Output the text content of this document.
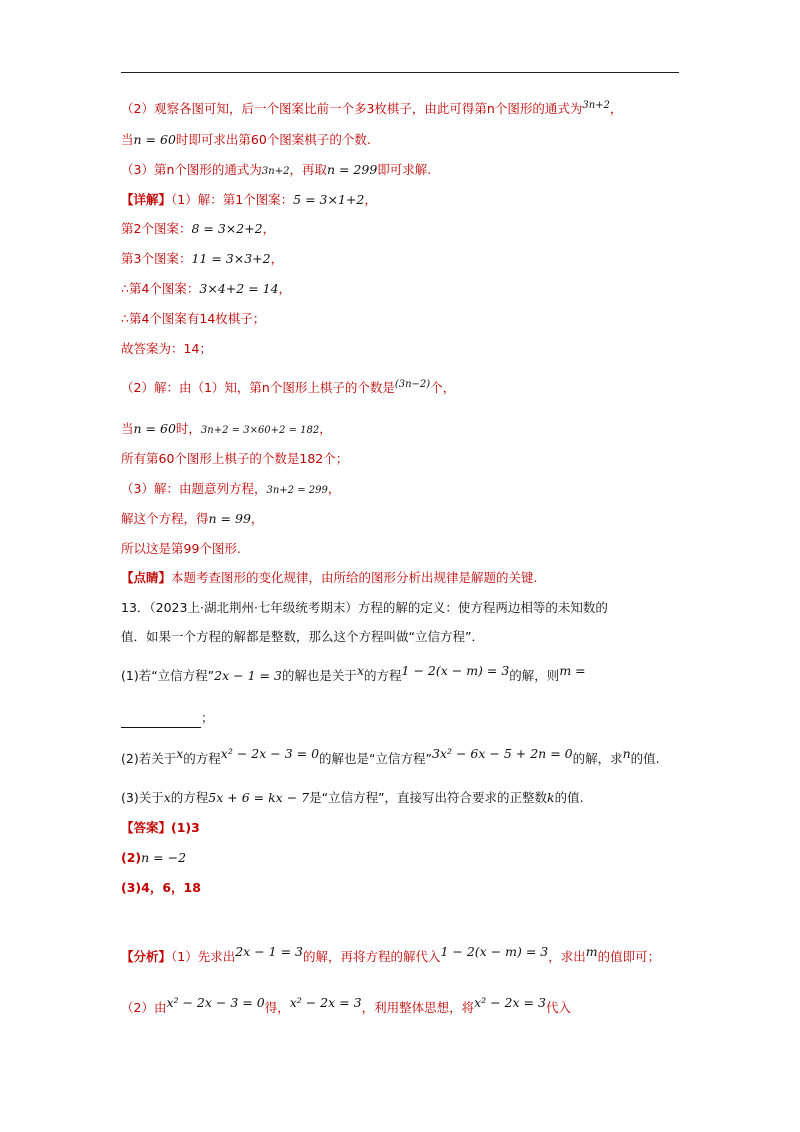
（2）观察各图可知，后一个图案比前一个多3枚棋子，由此可得第n个图形的通式为$^{3n+2}$，
当n = 60时即可求出第60个图案棋子的个数.
（3）第n个图形的通式为3n+2，再取n = 299即可求解.
【详解】（1）解：第1个图案：5 = 3×1+2，
第2个图案：8 = 3×2+2，
第3个图案：11 = 3×3+2，
∴第4个图案：3×4+2 = 14，
∴第4个图案有14枚棋子；
故答案为：14；
（2）解：由（1）知，第n个图形上棋子的个数是$^{(3n-2)}$个，
当n = 60时，3n+2 = 3×60+2 = 182，
所有第60个图形上棋子的个数是182个；
（3）解：由题意列方程，3n+2 = 299，
解这个方程，得n = 99，
所以这是第99个图形.
【点睛】本题考查图形的变化规律，由所给的图形分析出规律是解题的关键.
13．（2023上·湖北荆州·七年级统考期末）方程的解的定义：使方程两边相等的未知数的
值．如果一个方程的解都是整数，那么这个方程叫做“立信方程”．
(1)若“立信方程”2x − 1 = 3的解也是关于x的方程1 − 2(x − m) = 3的解，则m =
；
(2)若关于x的方程x² − 2x − 3 = 0的解也是“立信方程”3x² − 6x − 5 + 2n = 0的解，求n的值.
(3)关于x的方程5x + 6 = kx − 7是“立信方程”，直接写出符合要求的正整数k的值.
【答案】(1)3
(2)n = −2
(3)4，6，18
【分析】（1）先求出2x − 1 = 3的解，再将方程的解代入1 − 2(x − m) = 3，求出m的值即可；
（2）由x² − 2x − 3 = 0得，x² − 2x = 3，利用整体思想，将x² − 2x = 3代入
